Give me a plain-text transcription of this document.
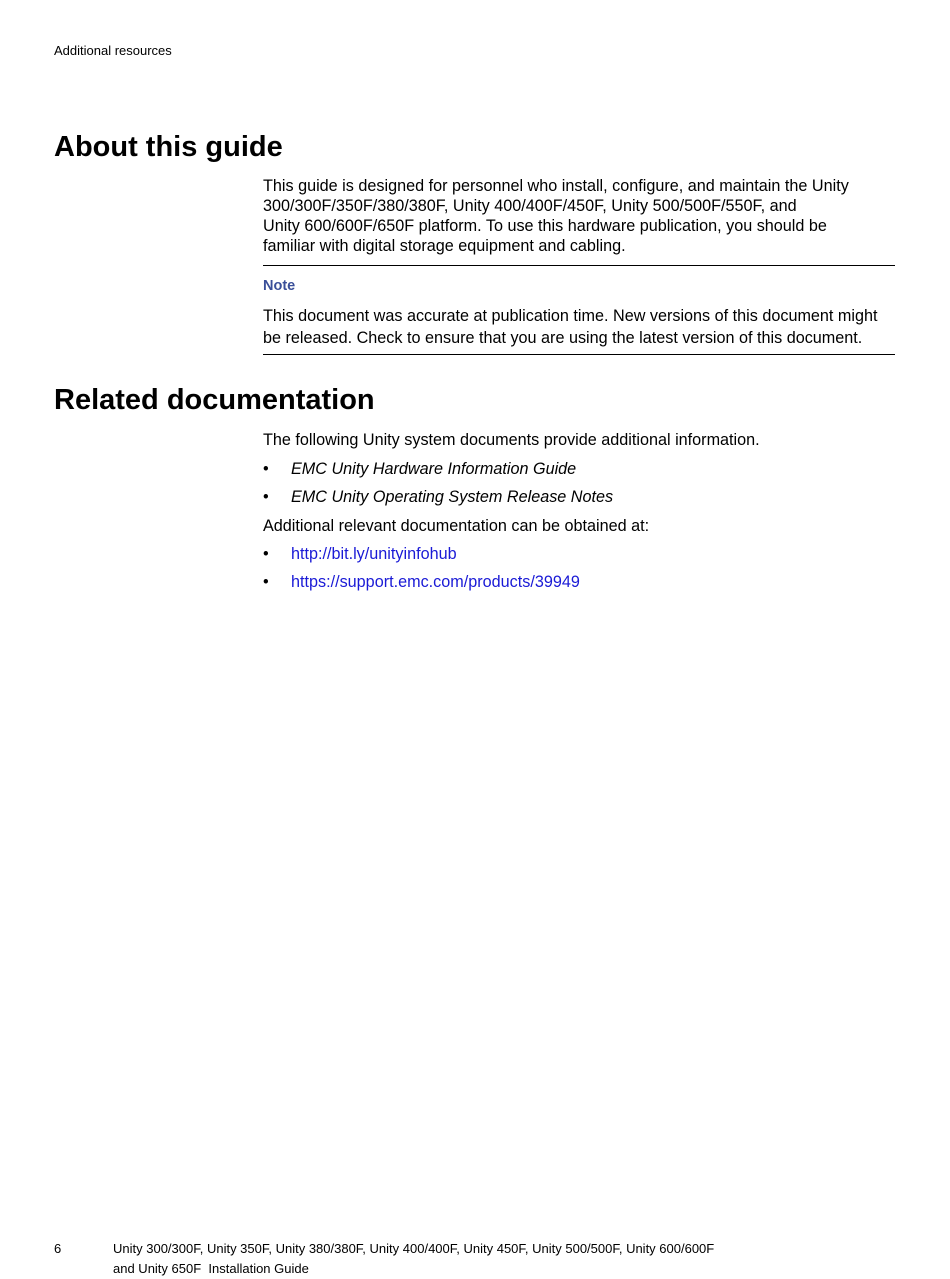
Additional resources
About this guide

This guide is designed for personnel who install, configure, and maintain the Unity

300/300F/350F/380/380F, Unity 400/400F/450F, Unity 500/500F/550F, and

Unity 600/600F/650F platform. To use this hardware publication, you should be

familiar with digital storage equipment and cabling.

Note

This document was accurate at publication time. New versions of this document might

be released. Check to ensure that you are using the latest version of this document.

Related documentation

The following Unity system documents provide additional information.

• EMC Unity Hardware Information Guide
• EMC Unity Operating System Release Notes

Additional relevant documentation can be obtained at:

• http://bit.ly/unityinfohub
• https://support.emc.com/products/39949
6	Unity 300/300F, Unity 350F, Unity 380/380F, Unity 400/400F, Unity 450F, Unity 500/500F, Unity 600/600F
and Unity 650F  Installation Guide
